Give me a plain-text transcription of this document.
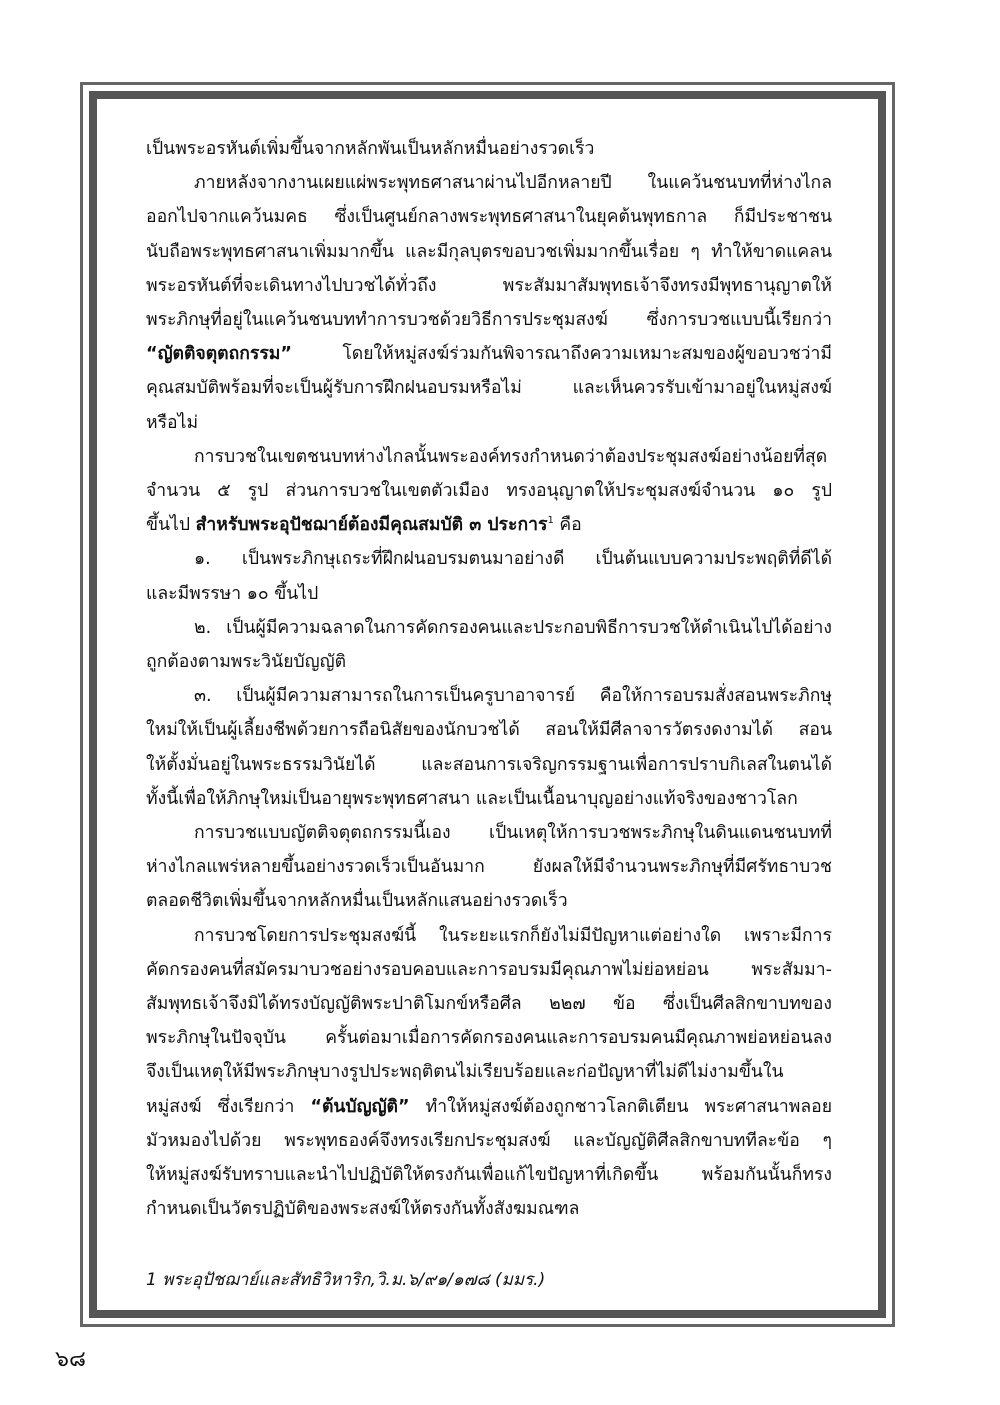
เป็นพระอรหันต์เพิ่มขึ้นจากหลักพันเป็นหลักหมื่นอย่างรวดเร็ว

ภายหลังจากงานเผยแผ่พระพุทธศาสนาผ่านไปอีกหลายปี ในแคว้นชนบทที่ห่างไกล

ออกไปจากแคว้นมคธ ซึ่งเป็นศูนย์กลางพระพุทธศาสนาในยุคต้นพุทธกาล ก็มีประชาชน

นับถือพระพุทธศาสนาเพิ่มมากขึ้น และมีกุลบุตรขอบวชเพิ่มมากขึ้นเรื่อย ๆ ทำให้ขาดแคลน

พระอรหันต์ที่จะเดินทางไปบวชได้ทั่วถึง พระสัมมาสัมพุทธเจ้าจึงทรงมีพุทธานุญาตให้

พระภิกษุที่อยู่ในแคว้นชนบททำการบวชด้วยวิธีการประชุมสงฆ์ ซึ่งการบวชแบบนี้เรียกว่า

“ญัตติจตุตถกรรม”	โดยให้หมู่สงฆ์ร่วมกันพิจารณาถึงความเหมาะสมของผู้ขอบวชว่ามี

คุณสมบัติพร้อมที่จะเป็นผู้รับการฝึกฝนอบรมหรือไม่ และเห็นควรรับเข้ามาอยู่ในหมู่สงฆ์

หรือไม่

การบวชในเขตชนบทห่างไกลนั้นพระองค์ทรงกำหนดว่าต้องประชุมสงฆ์อย่างน้อยที่สุด

จำนวน ๕ รูป ส่วนการบวชในเขตตัวเมือง ทรงอนุญาตให้ประชุมสงฆ์จำนวน ๑๐ รูป

ขึ้นไป สำหรับพระอุปัชฌาย์ต้องมีคุณสมบัติ ๓ ประการ$^1$ คือ

๑. เป็นพระภิกษุเถระที่ฝึกฝนอบรมตนมาอย่างดี เป็นต้นแบบความประพฤติที่ดีได้

และมีพรรษา ๑๐ ขึ้นไป

๒. เป็นผู้มีความฉลาดในการคัดกรองคนและประกอบพิธีการบวชให้ดำเนินไปได้อย่าง

ถูกต้องตามพระวินัยบัญญัติ

๓. เป็นผู้มีความสามารถในการเป็นครูบาอาจารย์ คือให้การอบรมสั่งสอนพระภิกษุ

ใหม่ให้เป็นผู้เลี้ยงชีพด้วยการถือนิสัยของนักบวชได้ สอนให้มีศีลาจารวัตรงดงามได้ สอน

ให้ตั้งมั่นอยู่ในพระธรรมวินัยได้ และสอนการเจริญกรรมฐานเพื่อการปราบกิเลสในตนได้

ทั้งนี้เพื่อให้ภิกษุใหม่เป็นอายุพระพุทธศาสนา และเป็นเนื้อนาบุญอย่างแท้จริงของชาวโลก

การบวชแบบญัตติจตุตถกรรมนี้เอง เป็นเหตุให้การบวชพระภิกษุในดินแดนชนบทที่

ห่างไกลแพร่หลายขึ้นอย่างรวดเร็วเป็นอันมาก ยังผลให้มีจำนวนพระภิกษุที่มีศรัทธาบวช

ตลอดชีวิตเพิ่มขึ้นจากหลักหมื่นเป็นหลักแสนอย่างรวดเร็ว

การบวชโดยการประชุมสงฆ์นี้ ในระยะแรกก็ยังไม่มีปัญหาแต่อย่างใด เพราะมีการ

คัดกรองคนที่สมัครมาบวชอย่างรอบคอบและการอบรมมีคุณภาพไม่ย่อหย่อน พระสัมมา-

สัมพุทธเจ้าจึงมิได้ทรงบัญญัติพระปาติโมกข์หรือศีล ๒๒๗ ข้อ ซึ่งเป็นศีลสิกขาบทของ

พระภิกษุในปัจจุบัน ครั้นต่อมาเมื่อการคัดกรองคนและการอบรมคนมีคุณภาพย่อหย่อนลง

จึงเป็นเหตุให้มีพระภิกษุบางรูปประพฤติตนไม่เรียบร้อยและก่อปัญหาที่ไม่ดีไม่งามขึ้นใน

หมู่สงฆ์ ซึ่งเรียกว่า “ต้นบัญญัติ” ทำให้หมู่สงฆ์ต้องถูกชาวโลกติเตียน พระศาสนาพลอย

มัวหมองไปด้วย พระพุทธองค์จึงทรงเรียกประชุมสงฆ์ และบัญญัติศีลสิกขาบททีละข้อ ๆ

ให้หมู่สงฆ์รับทราบและนำไปปฏิบัติให้ตรงกันเพื่อแก้ไขปัญหาที่เกิดขึ้น พร้อมกันนั้นก็ทรง

กำหนดเป็นวัตรปฏิบัติของพระสงฆ์ให้ตรงกันทั้งสังฆมณฑล

1 พระอุปัชฌาย์และสัทธิวิหาริก,วิ.ม.๖/๙๑/๑๗๘ (มมร.)
๖๘
